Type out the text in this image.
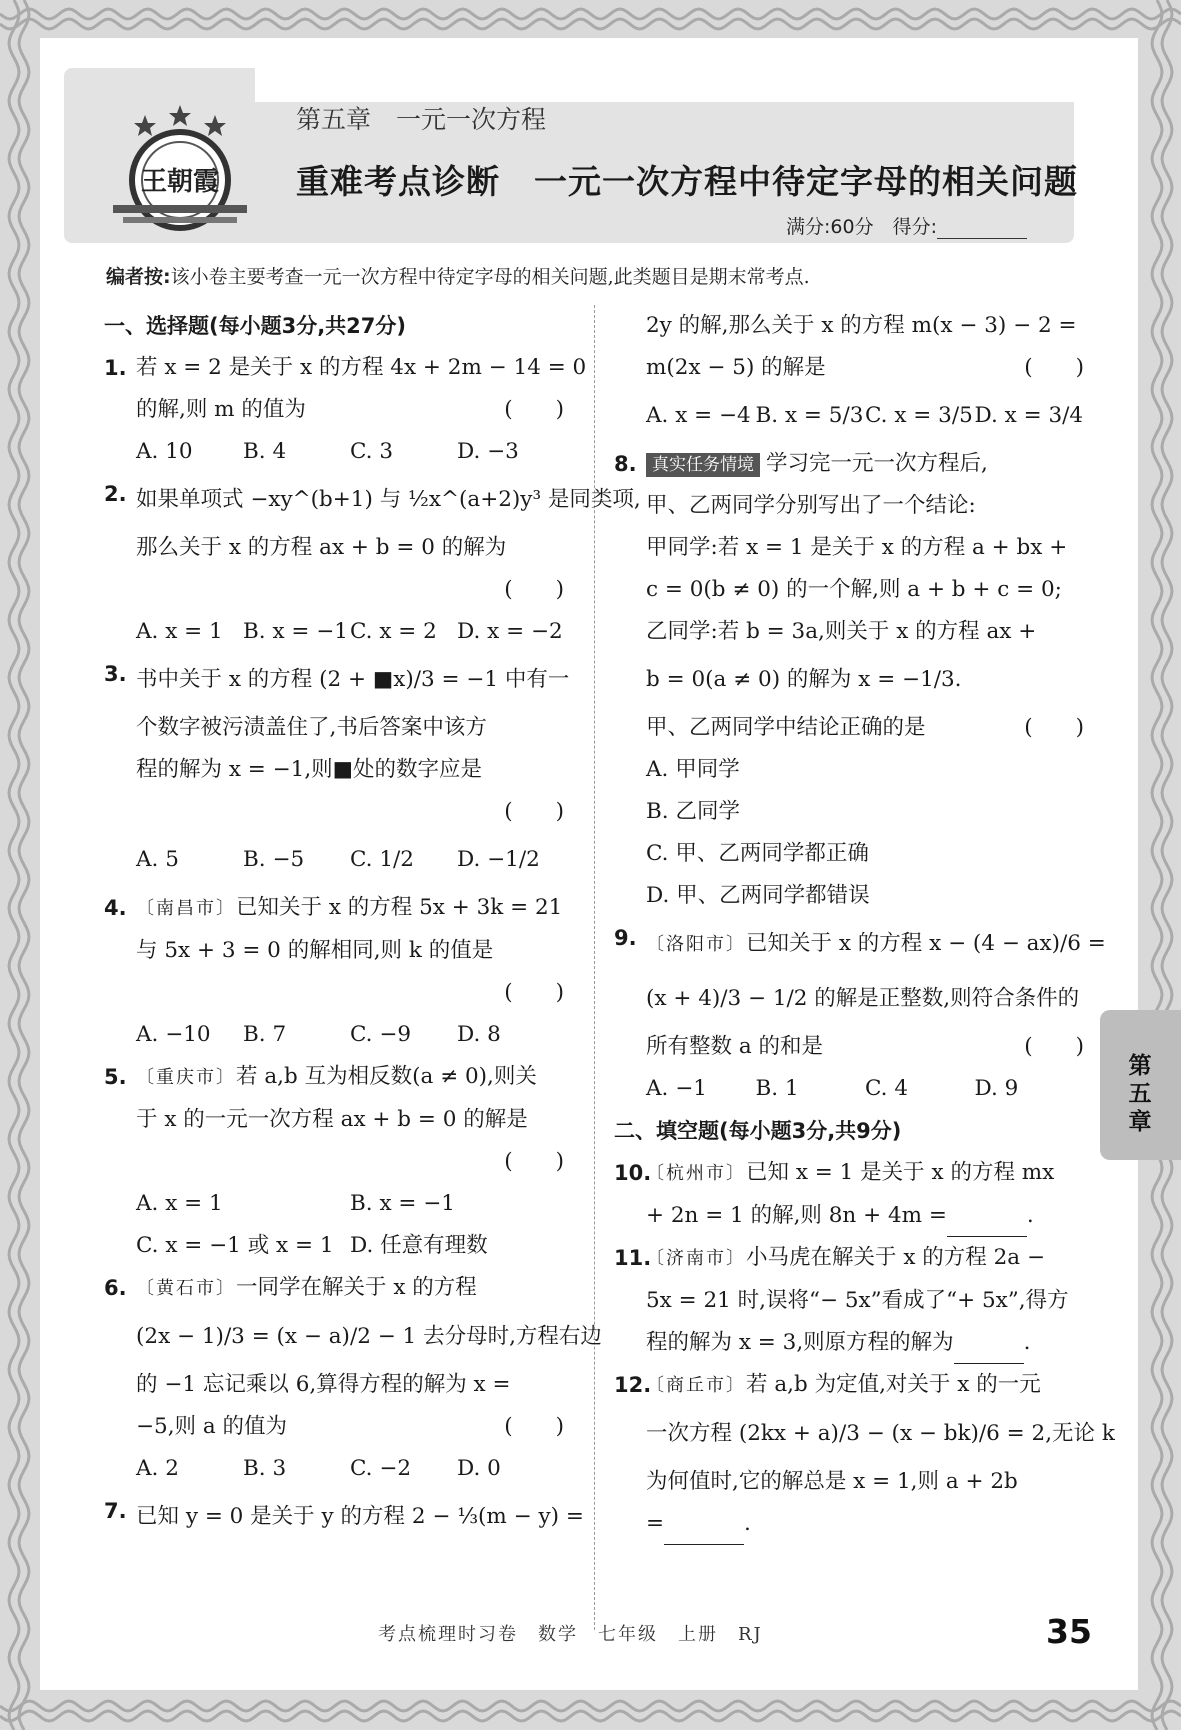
王朝霞
第五章　一元一次方程
重难考点诊断　一元一次方程中待定字母的相关问题
满分:60分　得分:
编者按:该小卷主要考查一元一次方程中待定字母的相关问题,此类题目是期末常考点.
一、选择题(每小题3分,共27分)
1. 若 x = 2 是关于 x 的方程 4x + 2m − 14 = 0
的解,则 m 的值为	(　　)
A. 10	B. 4	C. 3	D. −3
2. 如果单项式 −xy^(b+1) 与 ½x^(a+2)y³ 是同类项,
那么关于 x 的方程 ax + b = 0 的解为
(　　)

A. x = 1 B. x = −1 C. x = 2 D. x = −2
3. 书中关于 x 的方程 (2 + ■x)/3 = −1 中有一
个数字被污渍盖住了,书后答案中该方
程的解为 x = −1,则■处的数字应是
(　　)

A. 5	B. −5	C. 1/2	D. −1/2
4. 〔南昌市〕已知关于 x 的方程 5x + 3k = 21
与 5x + 3 = 0 的解相同,则 k 的值是
(　　)

A. −10	B. 7	C. −9	D. 8
5. 〔重庆市〕若 a,b 互为相反数(a ≠ 0),则关
于 x 的一元一次方程 ax + b = 0 的解是
(　　)

A. x = 1	B. x = −1
C. x = −1 或 x = 1 D. 任意有理数
6. 〔黄石市〕一同学在解关于 x 的方程
(2x − 1)/3 = (x − a)/2 − 1 去分母时,方程右边
的 −1 忘记乘以 6,算得方程的解为 x =
−5,则 a 的值为	(　　)
A. 2	B. 3	C. −2	D. 0
7. 已知 y = 0 是关于 y 的方程 2 − ⅓(m − y) =
2y 的解,那么关于 x 的方程 m(x − 3) − 2 =
m(2x − 5) 的解是	(　　)
A. x = −4 B. x = 5/3 C. x = 3/5 D. x = 3/4
8. 真实任务情境 学习完一元一次方程后,
甲、乙两同学分别写出了一个结论:
甲同学:若 x = 1 是关于 x 的方程 a + bx +
c = 0(b ≠ 0) 的一个解,则 a + b + c = 0;
乙同学:若 b = 3a,则关于 x 的方程 ax +
b = 0(a ≠ 0) 的解为 x = −1/3.
甲、乙两同学中结论正确的是	(　　)
A. 甲同学
B. 乙同学
C. 甲、乙两同学都正确
D. 甲、乙两同学都错误
9. 〔洛阳市〕已知关于 x 的方程 x − (4 − ax)/6 =
(x + 4)/3 − 1/2 的解是正整数,则符合条件的
所有整数 a 的和是	(　　)
A. −1	B. 1	C. 4	D. 9
二、填空题(每小题3分,共9分)
10.
〔杭州市〕已知 x = 1 是关于 x 的方程 mx
+ 2n = 1 的解,则 8n + 4m =	.
11.
〔济南市〕小马虎在解关于 x 的方程 2a −
5x = 21 时,误将“− 5x”看成了“+ 5x”,得方
程的解为 x = 3,则原方程的解为	.
12.
〔商丘市〕若 a,b 为定值,对关于 x 的一元
一次方程 (2kx + a)/3 − (x − bk)/6 = 2,无论 k
为何值时,它的解总是 x = 1,则 a + 2b
=	.
第五章
考点梳理时习卷　数学　七年级　上册　RJ	35
